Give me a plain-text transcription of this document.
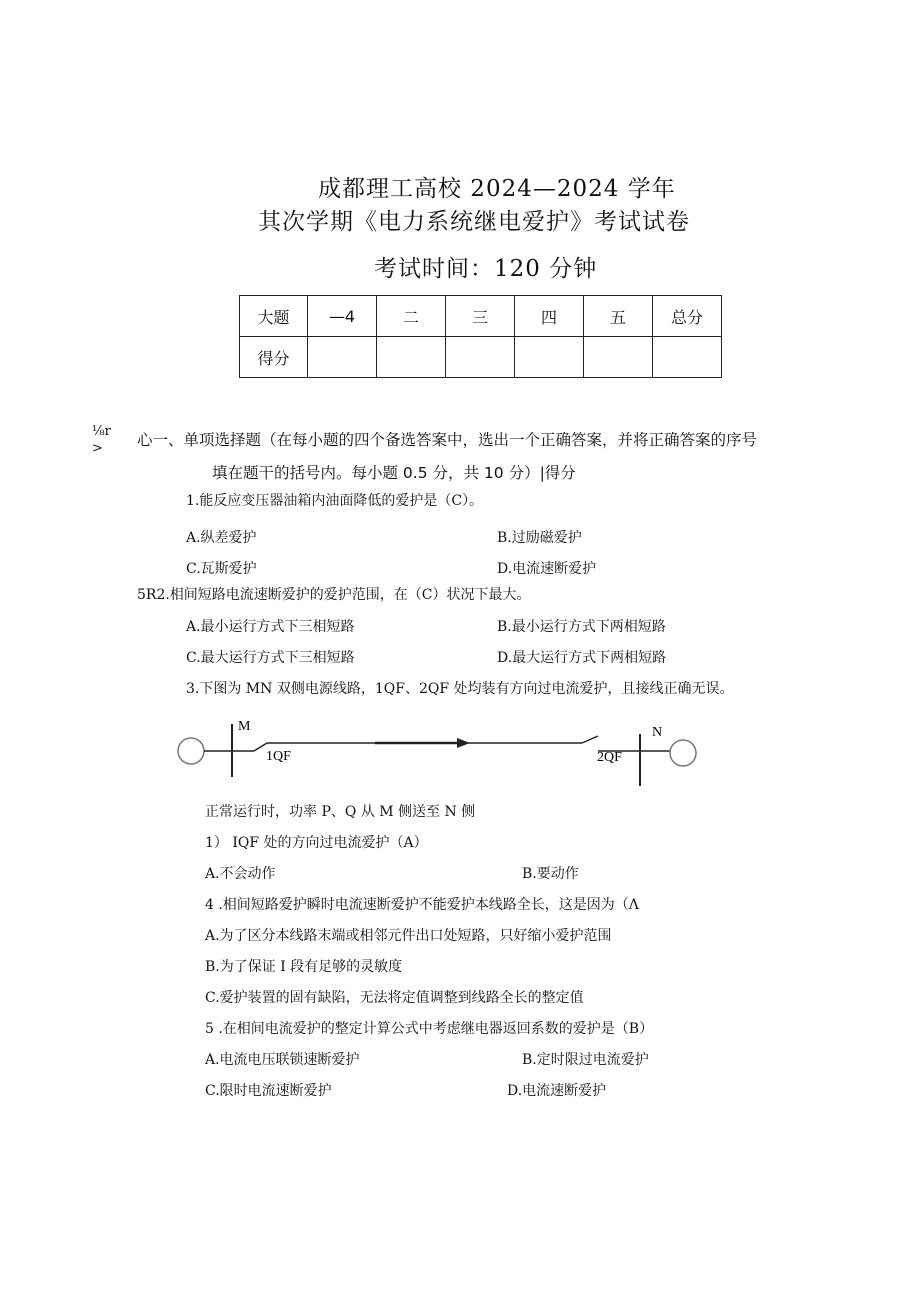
成都理工高校 2024—2024 学年
其次学期《电力系统继电爱护》考试试卷
考试时间：120 分钟
大题	—4	二	三	四	五	总分
得分						
⅛r
> 心一、单项选择题（在每小题的四个备选答案中，选出一个正确答案，并将正确答案的序号
填在题干的括号内。每小题 0.5 分，共 10 分）|得分
1.能反应变压器油箱内油面降低的爱护是（C）。
A.纵差爱护	B.过励磁爱护
C.瓦斯爱护	D.电流速断爱护
5R2.相间短路电流速断爱护的爱护范围，在（C）状况下最大。
A.最小运行方式下三相短路	B.最小运行方式下两相短路
C.最大运行方式下三相短路	D.最大运行方式下两相短路
3.下图为 MN 双侧电源线路，1QF、2QF 处均装有方向过电流爱护，且接线正确无误。
M
1QF	2QF
N
正常运行时，功率 P、Q 从 M 侧送至 N 侧
1） IQF 处的方向过电流爱护（A）
A.不会动作	B.要动作
4 .相间短路爱护瞬时电流速断爱护不能爱护本线路全长，这是因为（Λ
A.为了区分本线路末端或相邻元件出口处短路，只好缩小爱护范围
B.为了保证 I 段有足够的灵敏度
C.爱护装置的固有缺陷，无法将定值调整到线路全长的整定值
5 .在相间电流爱护的整定计算公式中考虑继电器返回系数的爱护是（B）
A.电流电压联锁速断爱护	B.定时限过电流爱护
C.限时电流速断爱护	D.电流速断爱护
